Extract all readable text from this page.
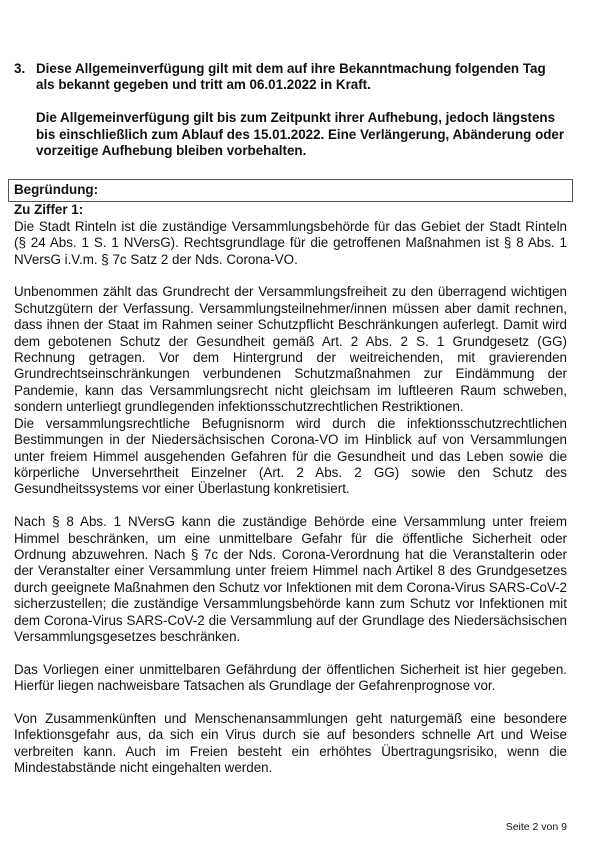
3. Diese Allgemeinverfügung gilt mit dem auf ihre Bekanntmachung folgenden Tag als bekannt gegeben und tritt am 06.01.2022 in Kraft.

Die Allgemeinverfügung gilt bis zum Zeitpunkt ihrer Aufhebung, jedoch längstens bis einschließlich zum Ablauf des 15.01.2022. Eine Verlängerung, Abänderung oder vorzeitige Aufhebung bleiben vorbehalten.

Begründung:

Zu Ziffer 1:

Die Stadt Rinteln ist die zuständige Versammlungsbehörde für das Gebiet der Stadt Rinteln (§ 24 Abs. 1 S. 1 NVersG). Rechtsgrundlage für die getroffenen Maßnahmen ist § 8 Abs. 1 NVersG i.V.m. § 7c Satz 2 der Nds. Corona-VO.

Unbenommen zählt das Grundrecht der Versammlungsfreiheit zu den überragend wichtigen Schutzgütern der Verfassung. Versammlungsteilnehmer/innen müssen aber damit rechnen, dass ihnen der Staat im Rahmen seiner Schutzpflicht Beschränkungen auferlegt. Damit wird dem gebotenen Schutz der Gesundheit gemäß Art. 2 Abs. 2 S. 1 Grundgesetz (GG) Rechnung getragen. Vor dem Hintergrund der weitreichenden, mit gravierenden Grundrechtseinschränkungen verbundenen Schutzmaßnahmen zur Eindämmung der Pandemie, kann das Versammlungsrecht nicht gleichsam im luftleeren Raum schweben, sondern unterliegt grundlegenden infektionsschutzrechtlichen Restriktionen.

Die versammlungsrechtliche Befugnisnorm wird durch die infektionsschutzrechtlichen Bestimmungen in der Niedersächsischen Corona-VO im Hinblick auf von Versammlungen unter freiem Himmel ausgehenden Gefahren für die Gesundheit und das Leben sowie die körperliche Unversehrtheit Einzelner (Art. 2 Abs. 2 GG) sowie den Schutz des Gesundheitssystems vor einer Überlastung konkretisiert.

Nach § 8 Abs. 1 NVersG kann die zuständige Behörde eine Versammlung unter freiem Himmel beschränken, um eine unmittelbare Gefahr für die öffentliche Sicherheit oder Ordnung abzuwehren. Nach § 7c der Nds. Corona-Verordnung hat die Veranstalterin oder der Veranstalter einer Versammlung unter freiem Himmel nach Artikel 8 des Grundgesetzes durch geeignete Maßnahmen den Schutz vor Infektionen mit dem Corona-Virus SARS-CoV-2 sicherzustellen; die zuständige Versammlungsbehörde kann zum Schutz vor Infektionen mit dem Corona-Virus SARS-CoV-2 die Versammlung auf der Grundlage des Niedersächsischen Versammlungsgesetzes beschränken.

Das Vorliegen einer unmittelbaren Gefährdung der öffentlichen Sicherheit ist hier gegeben. Hierfür liegen nachweisbare Tatsachen als Grundlage der Gefahrenprognose vor.

Von Zusammenkünften und Menschenansammlungen geht naturgemäß eine besondere Infektionsgefahr aus, da sich ein Virus durch sie auf besonders schnelle Art und Weise verbreiten kann. Auch im Freien besteht ein erhöhtes Übertragungsrisiko, wenn die Mindestabstände nicht eingehalten werden.

Seite 2 von 9
